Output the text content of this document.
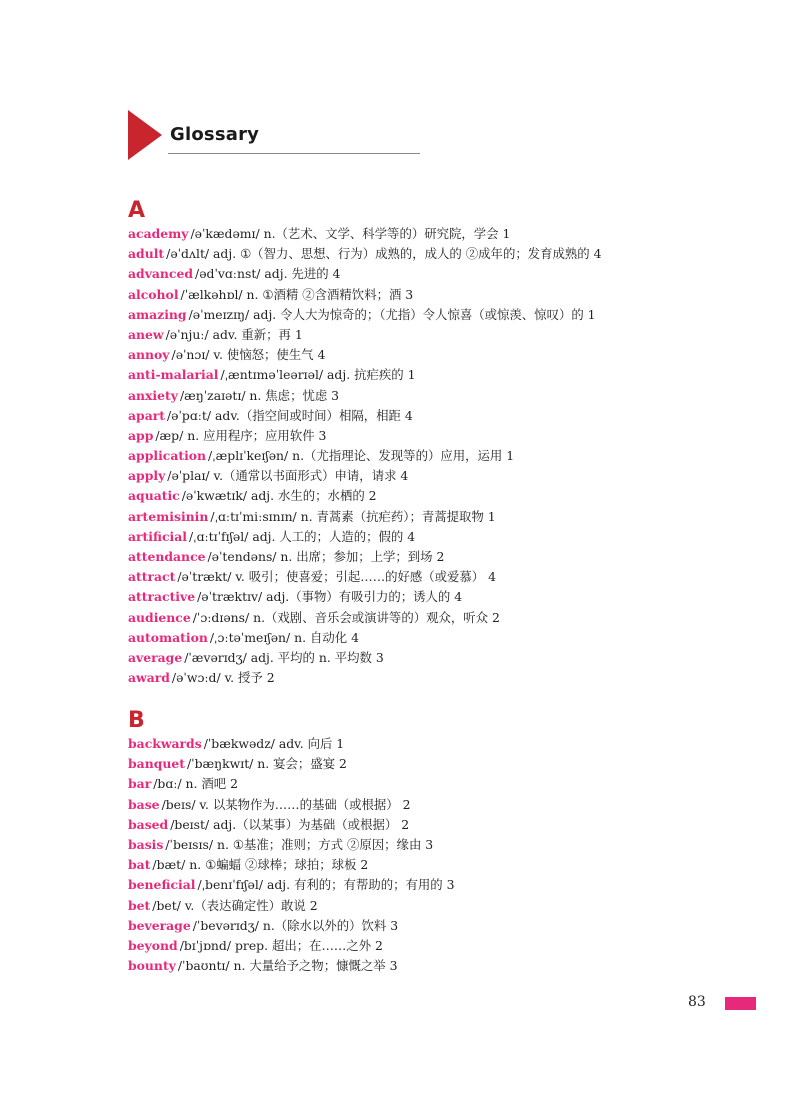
Glossary
A
academy /əˈkædəmɪ/ n.（艺术、文学、科学等的）研究院，学会 1
adult /əˈdʌlt/ adj. ①（智力、思想、行为）成熟的，成人的 ②成年的；发育成熟的 4
advanced /ədˈvɑːnst/ adj. 先进的 4
alcohol /ˈælkəhɒl/ n. ①酒精 ②含酒精饮料；酒 3
amazing /əˈmeɪzɪŋ/ adj. 令人大为惊奇的；（尤指）令人惊喜（或惊羡、惊叹）的 1
anew /əˈnjuː/ adv. 重新；再 1
annoy /əˈnɔɪ/ v. 使恼怒；使生气 4
anti-malarial /ˌæntɪməˈleərɪəl/ adj. 抗疟疾的 1
anxiety /æŋˈzaɪətɪ/ n. 焦虑；忧虑 3
apart /əˈpɑːt/ adv.（指空间或时间）相隔，相距 4
app /æp/ n. 应用程序；应用软件 3
application /ˌæplɪˈkeɪʃən/ n.（尤指理论、发现等的）应用，运用 1
apply /əˈplaɪ/ v.（通常以书面形式）申请，请求 4
aquatic /əˈkwætɪk/ adj. 水生的；水栖的 2
artemisinin /ˌɑːtɪˈmiːsɪnɪn/ n. 青蒿素（抗疟药）；青蒿提取物 1
artificial /ˌɑːtɪˈfɪʃəl/ adj. 人工的；人造的；假的 4
attendance /əˈtendəns/ n. 出席；参加；上学；到场 2
attract /əˈtrækt/ v. 吸引；使喜爱；引起……的好感（或爱慕） 4
attractive /əˈtræktɪv/ adj.（事物）有吸引力的；诱人的 4
audience /ˈɔːdɪəns/ n.（戏剧、音乐会或演讲等的）观众，听众 2
automation /ˌɔːtəˈmeɪʃən/ n. 自动化 4
average /ˈævərɪdʒ/ adj. 平均的 n. 平均数 3
award /əˈwɔːd/ v. 授予 2
B
backwards /ˈbækwədz/ adv. 向后 1
banquet /ˈbæŋkwɪt/ n. 宴会；盛宴 2
bar /bɑː/ n. 酒吧 2
base /beɪs/ v. 以某物作为……的基础（或根据） 2
based /beɪst/ adj.（以某事）为基础（或根据） 2
basis /ˈbeɪsɪs/ n. ①基准；准则；方式 ②原因；缘由 3
bat /bæt/ n. ①蝙蝠 ②球棒；球拍；球板 2
beneficial /ˌbenɪˈfɪʃəl/ adj. 有利的；有帮助的；有用的 3
bet /bet/ v.（表达确定性）敢说 2
beverage /ˈbevərɪdʒ/ n.（除水以外的）饮料 3
beyond /bɪˈjɒnd/ prep. 超出；在……之外 2
bounty /ˈbaʊntɪ/ n. 大量给予之物；慷慨之举 3
83
